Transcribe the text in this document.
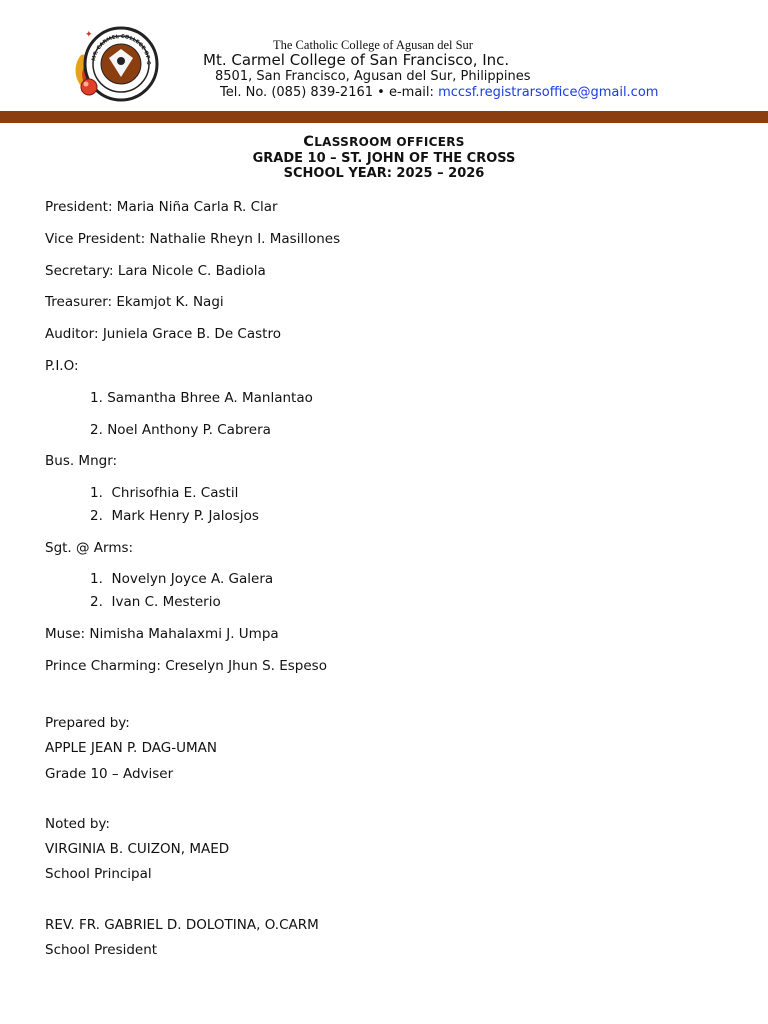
MT. CARMEL COLLEGE OF S
✦
The Catholic College of Agusan del Sur
Mt. Carmel College of San Francisco, Inc.
8501, San Francisco, Agusan del Sur, Philippines
Tel. No. (085) 839-2161 • e-mail: mccsf.registrarsoffice@gmail.com
CLASSROOM OFFICERS
GRADE 10 – ST. JOHN OF THE CROSS
SCHOOL YEAR: 2025 – 2026
President: Maria Niña Carla R. Clar
Vice President: Nathalie Rheyn I. Masillones
Secretary: Lara Nicole C. Badiola
Treasurer: Ekamjot K. Nagi
Auditor: Juniela Grace B. De Castro
P.I.O:
1. Samantha Bhree A. Manlantao
2. Noel Anthony P. Cabrera
Bus. Mngr:
1. Chrisofhia E. Castil
2. Mark Henry P. Jalosjos
Sgt. @ Arms:
1. Novelyn Joyce A. Galera
2. Ivan C. Mesterio
Muse: Nimisha Mahalaxmi J. Umpa
Prince Charming: Creselyn Jhun S. Espeso
Prepared by:
APPLE JEAN P. DAG-UMAN
Grade 10 – Adviser
Noted by:
VIRGINIA B. CUIZON, MAED
School Principal
REV. FR. GABRIEL D. DOLOTINA, O.CARM
School President
